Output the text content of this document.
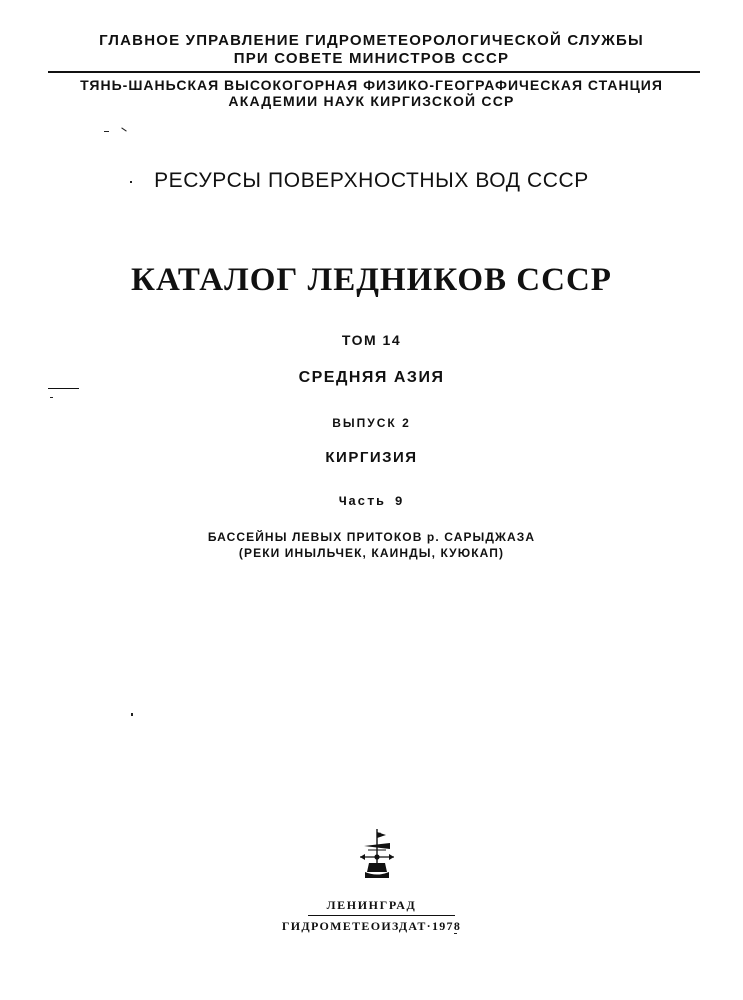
ГЛАВНОЕ УПРАВЛЕНИЕ ГИДРОМЕТЕОРОЛОГИЧЕСКОЙ СЛУЖБЫ
ПРИ СОВЕТЕ МИНИСТРОВ СССР
ТЯНЬ-ШАНЬСКАЯ ВЫСОКОГОРНАЯ ФИЗИКО-ГЕОГРАФИЧЕСКАЯ СТАНЦИЯ
АКАДЕМИИ НАУК КИРГИЗСКОЙ ССР
РЕСУРСЫ ПОВЕРХНОСТНЫХ ВОД СССР
КАТАЛОГ ЛЕДНИКОВ СССР
ТОМ 14
СРЕДНЯЯ АЗИЯ
ВЫПУСК 2
КИРГИЗИЯ
Часть 9
БАССЕЙНЫ ЛЕВЫХ ПРИТОКОВ р. САРЫДЖАЗА
(РЕКИ ИНЫЛЬЧЕК, КАИНДЫ, КУЮКАП)
ЛЕНИНГРАД
ГИДРОМЕТЕОИЗДАТ·1978
